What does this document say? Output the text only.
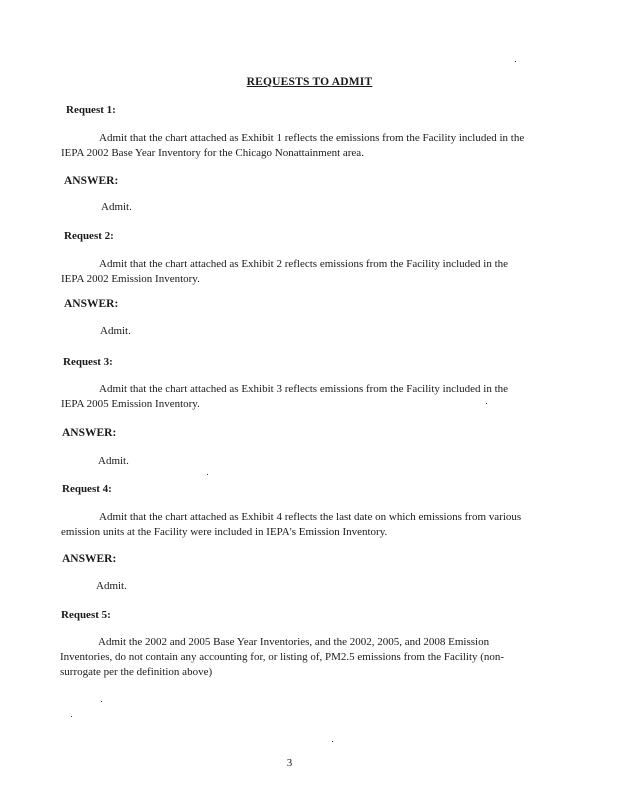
REQUESTS TO ADMIT
Request 1:
Admit that the chart attached as Exhibit 1 reflects the emissions from the Facility included in the IEPA 2002 Base Year Inventory for the Chicago Nonattainment area.
ANSWER:
Admit.
Request 2:
Admit that the chart attached as Exhibit 2 reflects emissions from the Facility included in the IEPA 2002 Emission Inventory.
ANSWER:
Admit.
Request 3:
Admit that the chart attached as Exhibit 3 reflects emissions from the Facility included in the IEPA 2005 Emission Inventory.
ANSWER:
Admit.
Request 4:
Admit that the chart attached as Exhibit 4 reflects the last date on which emissions from various emission units at the Facility were included in IEPA's Emission Inventory.
ANSWER:
Admit.
Request 5:
Admit the 2002 and 2005 Base Year Inventories, and the 2002, 2005, and 2008 Emission Inventories, do not contain any accounting for, or listing of, PM2.5 emissions from the Facility (non-surrogate per the definition above)
3
